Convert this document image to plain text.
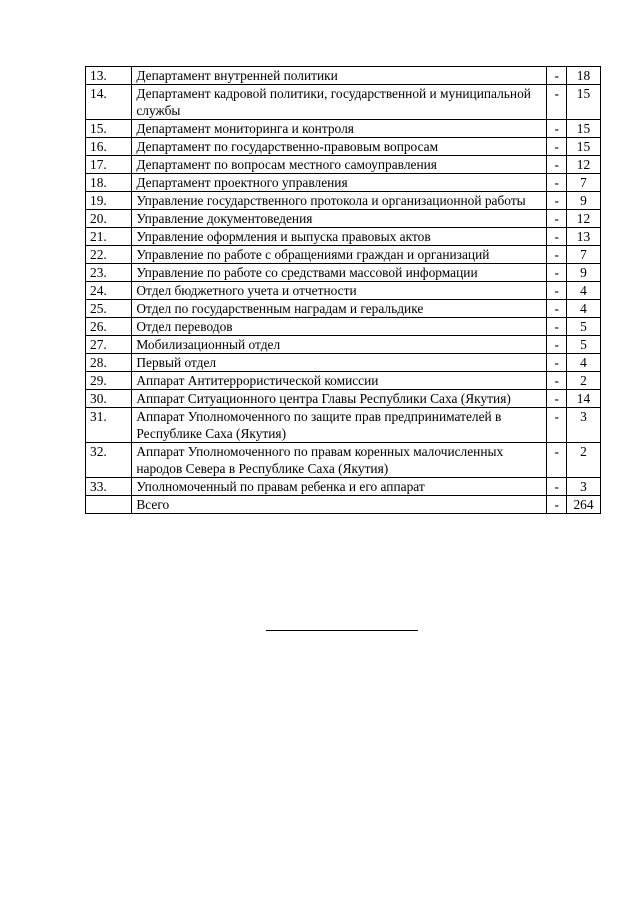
13.	Департамент внутренней политики	-	18
14.	Департамент кадровой политики, государственной и муниципальной службы	-	15
15.	Департамент мониторинга и контроля	-	15
16.	Департамент по государственно-правовым вопросам	-	15
17.	Департамент по вопросам местного самоуправления	-	12
18.	Департамент проектного управления	-	7
19.	Управление государственного протокола и организационной работы	-	9
20.	Управление документоведения	-	12
21.	Управление оформления и выпуска правовых актов	-	13
22.	Управление по работе с обращениями граждан и организаций	-	7
23.	Управление по работе со средствами массовой информации	-	9
24.	Отдел бюджетного учета и отчетности	-	4
25.	Отдел по государственным наградам и геральдике	-	4
26.	Отдел переводов	-	5
27.	Мобилизационный отдел	-	5
28.	Первый отдел	-	4
29.	Аппарат Антитеррористической комиссии	-	2
30.	Аппарат Ситуационного центра Главы Республики Саха (Якутия)	-	14
31.	Аппарат Уполномоченного по защите прав предпринимателей в Республике Саха (Якутия)	-	3
32.	Аппарат Уполномоченного по правам коренных малочисленных народов Севера в Республике Саха (Якутия)	-	2
33.	Уполномоченный по правам ребенка и его аппарат	-	3
	Всего	-	264
